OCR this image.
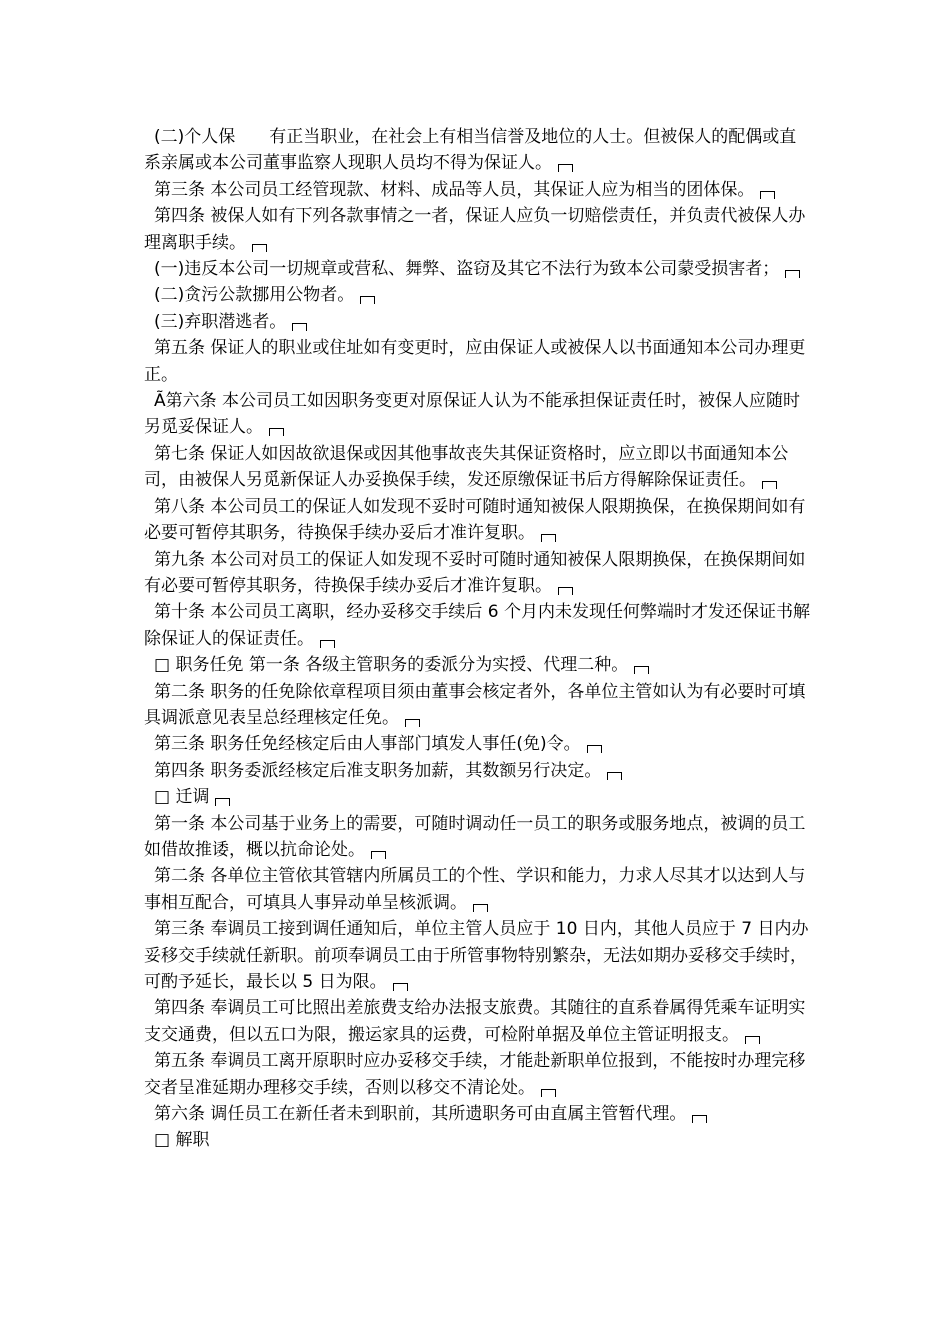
(二)个人保　　有正当职业，在社会上有相当信誉及地位的人士。但被保人的配偶或直系亲属或本公司董事监察人现职人员均不得为保证人。

第三条 本公司员工经管现款、材料、成品等人员，其保证人应为相当的团体保。

第四条 被保人如有下列各款事情之一者，保证人应负一切赔偿责任，并负责代被保人办理离职手续。

(一)违反本公司一切规章或营私、舞弊、盗窃及其它不法行为致本公司蒙受损害者；

(二)贪污公款挪用公物者。

(三)弃职潜逃者。

第五条 保证人的职业或住址如有变更时，应由保证人或被保人以书面通知本公司办理更正。

Ã第六条 本公司员工如因职务变更对原保证人认为不能承担保证责任时，被保人应随时另觅妥保证人。

第七条 保证人如因故欲退保或因其他事故丧失其保证资格时，应立即以书面通知本公司，由被保人另觅新保证人办妥换保手续，发还原缴保证书后方得解除保证责任。

第八条 本公司员工的保证人如发现不妥时可随时通知被保人限期换保，在换保期间如有必要可暂停其职务，待换保手续办妥后才准许复职。

第九条 本公司对员工的保证人如发现不妥时可随时通知被保人限期换保，在换保期间如有必要可暂停其职务，待换保手续办妥后才准许复职。

第十条 本公司员工离职，经办妥移交手续后 6 个月内未发现任何弊端时才发还保证书解除保证人的保证责任。

□ 职务任免 第一条 各级主管职务的委派分为实授、代理二种。

第二条 职务的任免除依章程项目须由董事会核定者外，各单位主管如认为有必要时可填具调派意见表呈总经理核定任免。

第三条 职务任免经核定后由人事部门填发人事任(免)令。

第四条 职务委派经核定后准支职务加薪，其数额另行决定。

□ 迁调

第一条 本公司基于业务上的需要，可随时调动任一员工的职务或服务地点，被调的员工如借故推诿，概以抗命论处。

第二条 各单位主管依其管辖内所属员工的个性、学识和能力，力求人尽其才以达到人与事相互配合，可填具人事异动单呈核派调。

第三条 奉调员工接到调任通知后，单位主管人员应于 10 日内，其他人员应于 7 日内办妥移交手续就任新职。前项奉调员工由于所管事物特别繁杂，无法如期办妥移交手续时，可酌予延长，最长以 5 日为限。

第四条 奉调员工可比照出差旅费支给办法报支旅费。其随往的直系眷属得凭乘车证明实支交通费，但以五口为限，搬运家具的运费，可检附单据及单位主管证明报支。

第五条 奉调员工离开原职时应办妥移交手续，才能赴新职单位报到，不能按时办理完移交者呈准延期办理移交手续，否则以移交不清论处。

第六条 调任员工在新任者未到职前，其所遗职务可由直属主管暂代理。

□ 解职
